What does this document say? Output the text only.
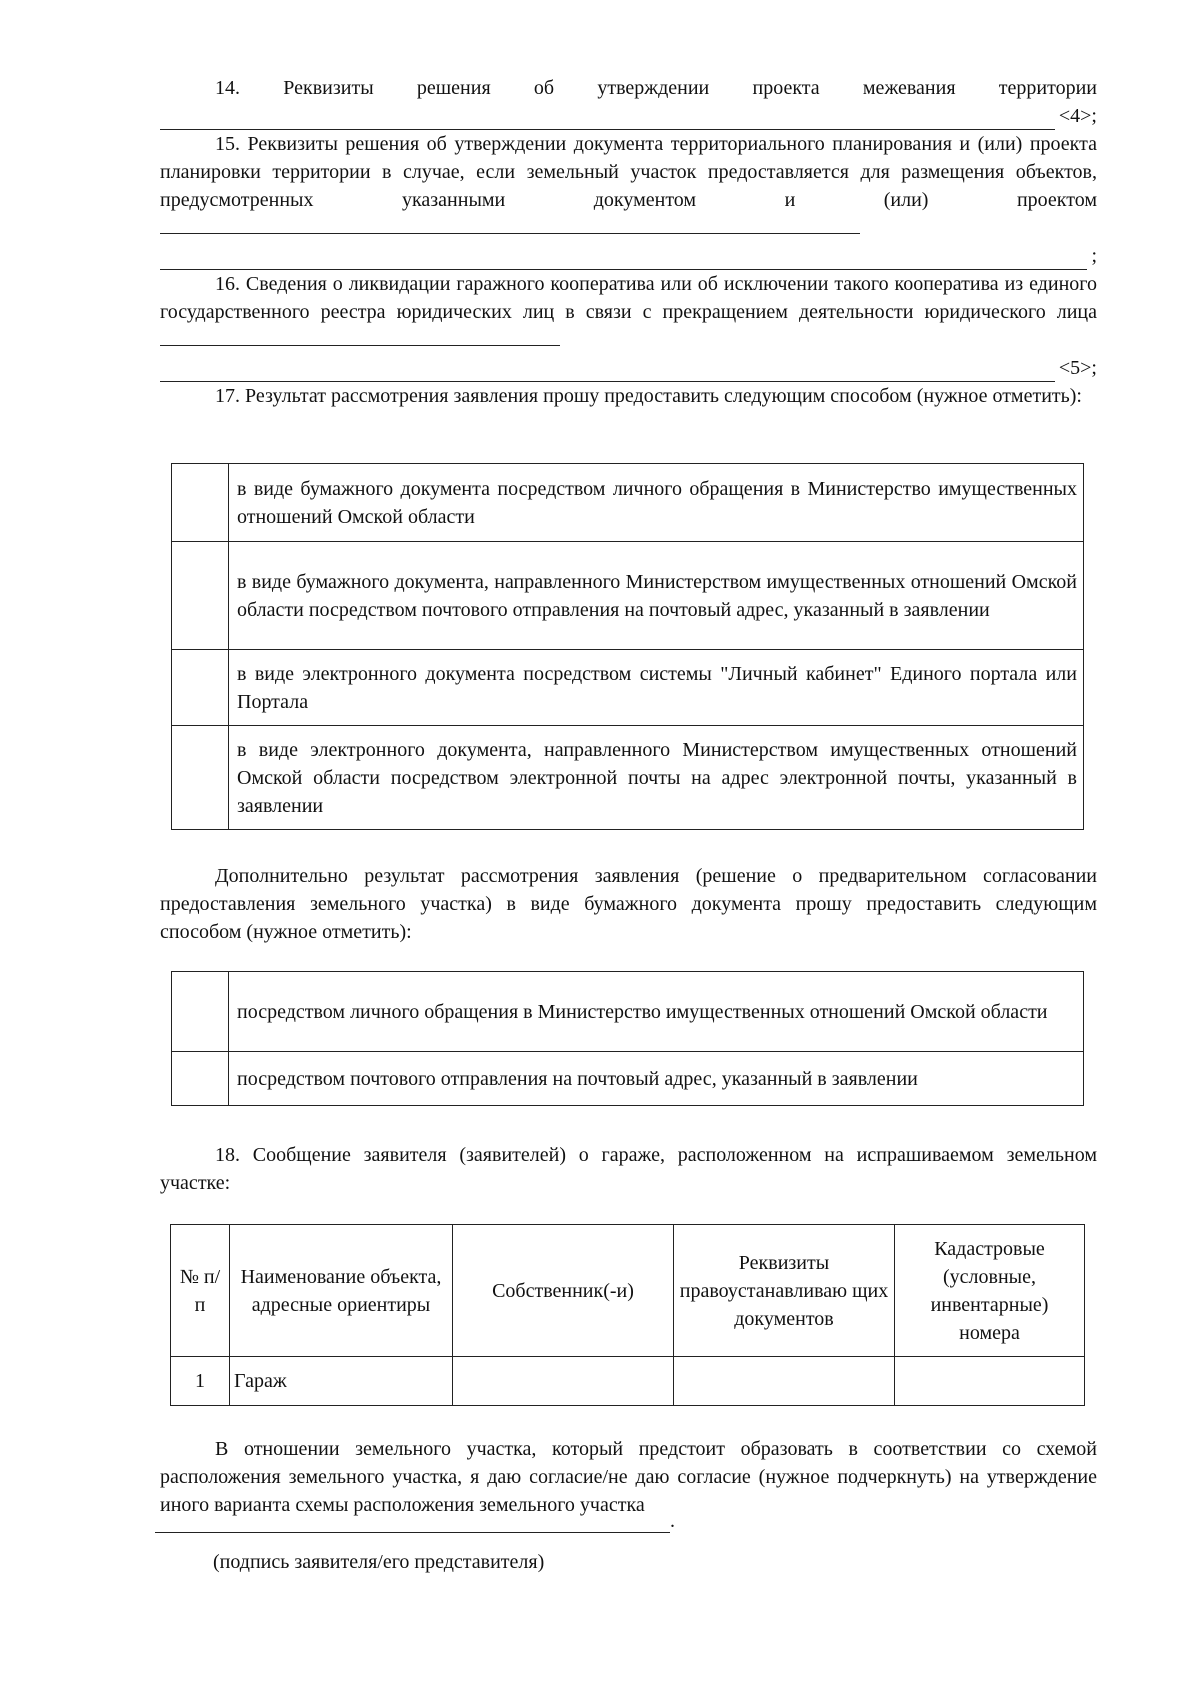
14. Реквизиты решения об утверждении проекта межевания территории
<4>;
15. Реквизиты решения об утверждении документа территориального планирования и (или) проекта планировки территории в случае, если земельный участок предоставляется для размещения объектов, предусмотренных указанными документом и (или) проектом
;
16. Сведения о ликвидации гаражного кооператива или об исключении такого кооператива из единого государственного реестра юридических лиц в связи с прекращением деятельности юридического лица
<5>;
17. Результат рассмотрения заявления прошу предоставить следующим способом (нужное отметить):
	в виде бумажного документа посредством личного обращения в Министерство имущественных отношений Омской области
	в виде бумажного документа, направленного Министерством имущественных отношений Омской области посредством почтового отправления на почтовый адрес, указанный в заявлении
	в виде электронного документа посредством системы "Личный кабинет" Единого портала или Портала
	в виде электронного документа, направленного Министерством имущественных отношений Омской области посредством электронной почты на адрес электронной почты, указанный в заявлении
Дополнительно результат рассмотрения заявления (решение о предварительном согласовании предоставления земельного участка) в виде бумажного документа прошу предоставить следующим способом (нужное отметить):
	посредством личного обращения в Министерство имущественных отношений Омской области
	посредством почтового отправления на почтовый адрес, указанный в заявлении
18. Сообщение заявителя (заявителей) о гараже, расположенном на испрашиваемом земельном участке:
№ п/п	Наименование объекта, адресные ориентиры	Собственник(-и)	Реквизиты правоустанавливаю щих документов	Кадастровые (условные, инвентарные) номера
1	Гараж			
В отношении земельного участка, который предстоит образовать в соответствии со схемой расположения земельного участка, я даю согласие/не даю согласие (нужное подчеркнуть) на утверждение иного варианта схемы расположения земельного участка
.
(подпись заявителя/его представителя)
